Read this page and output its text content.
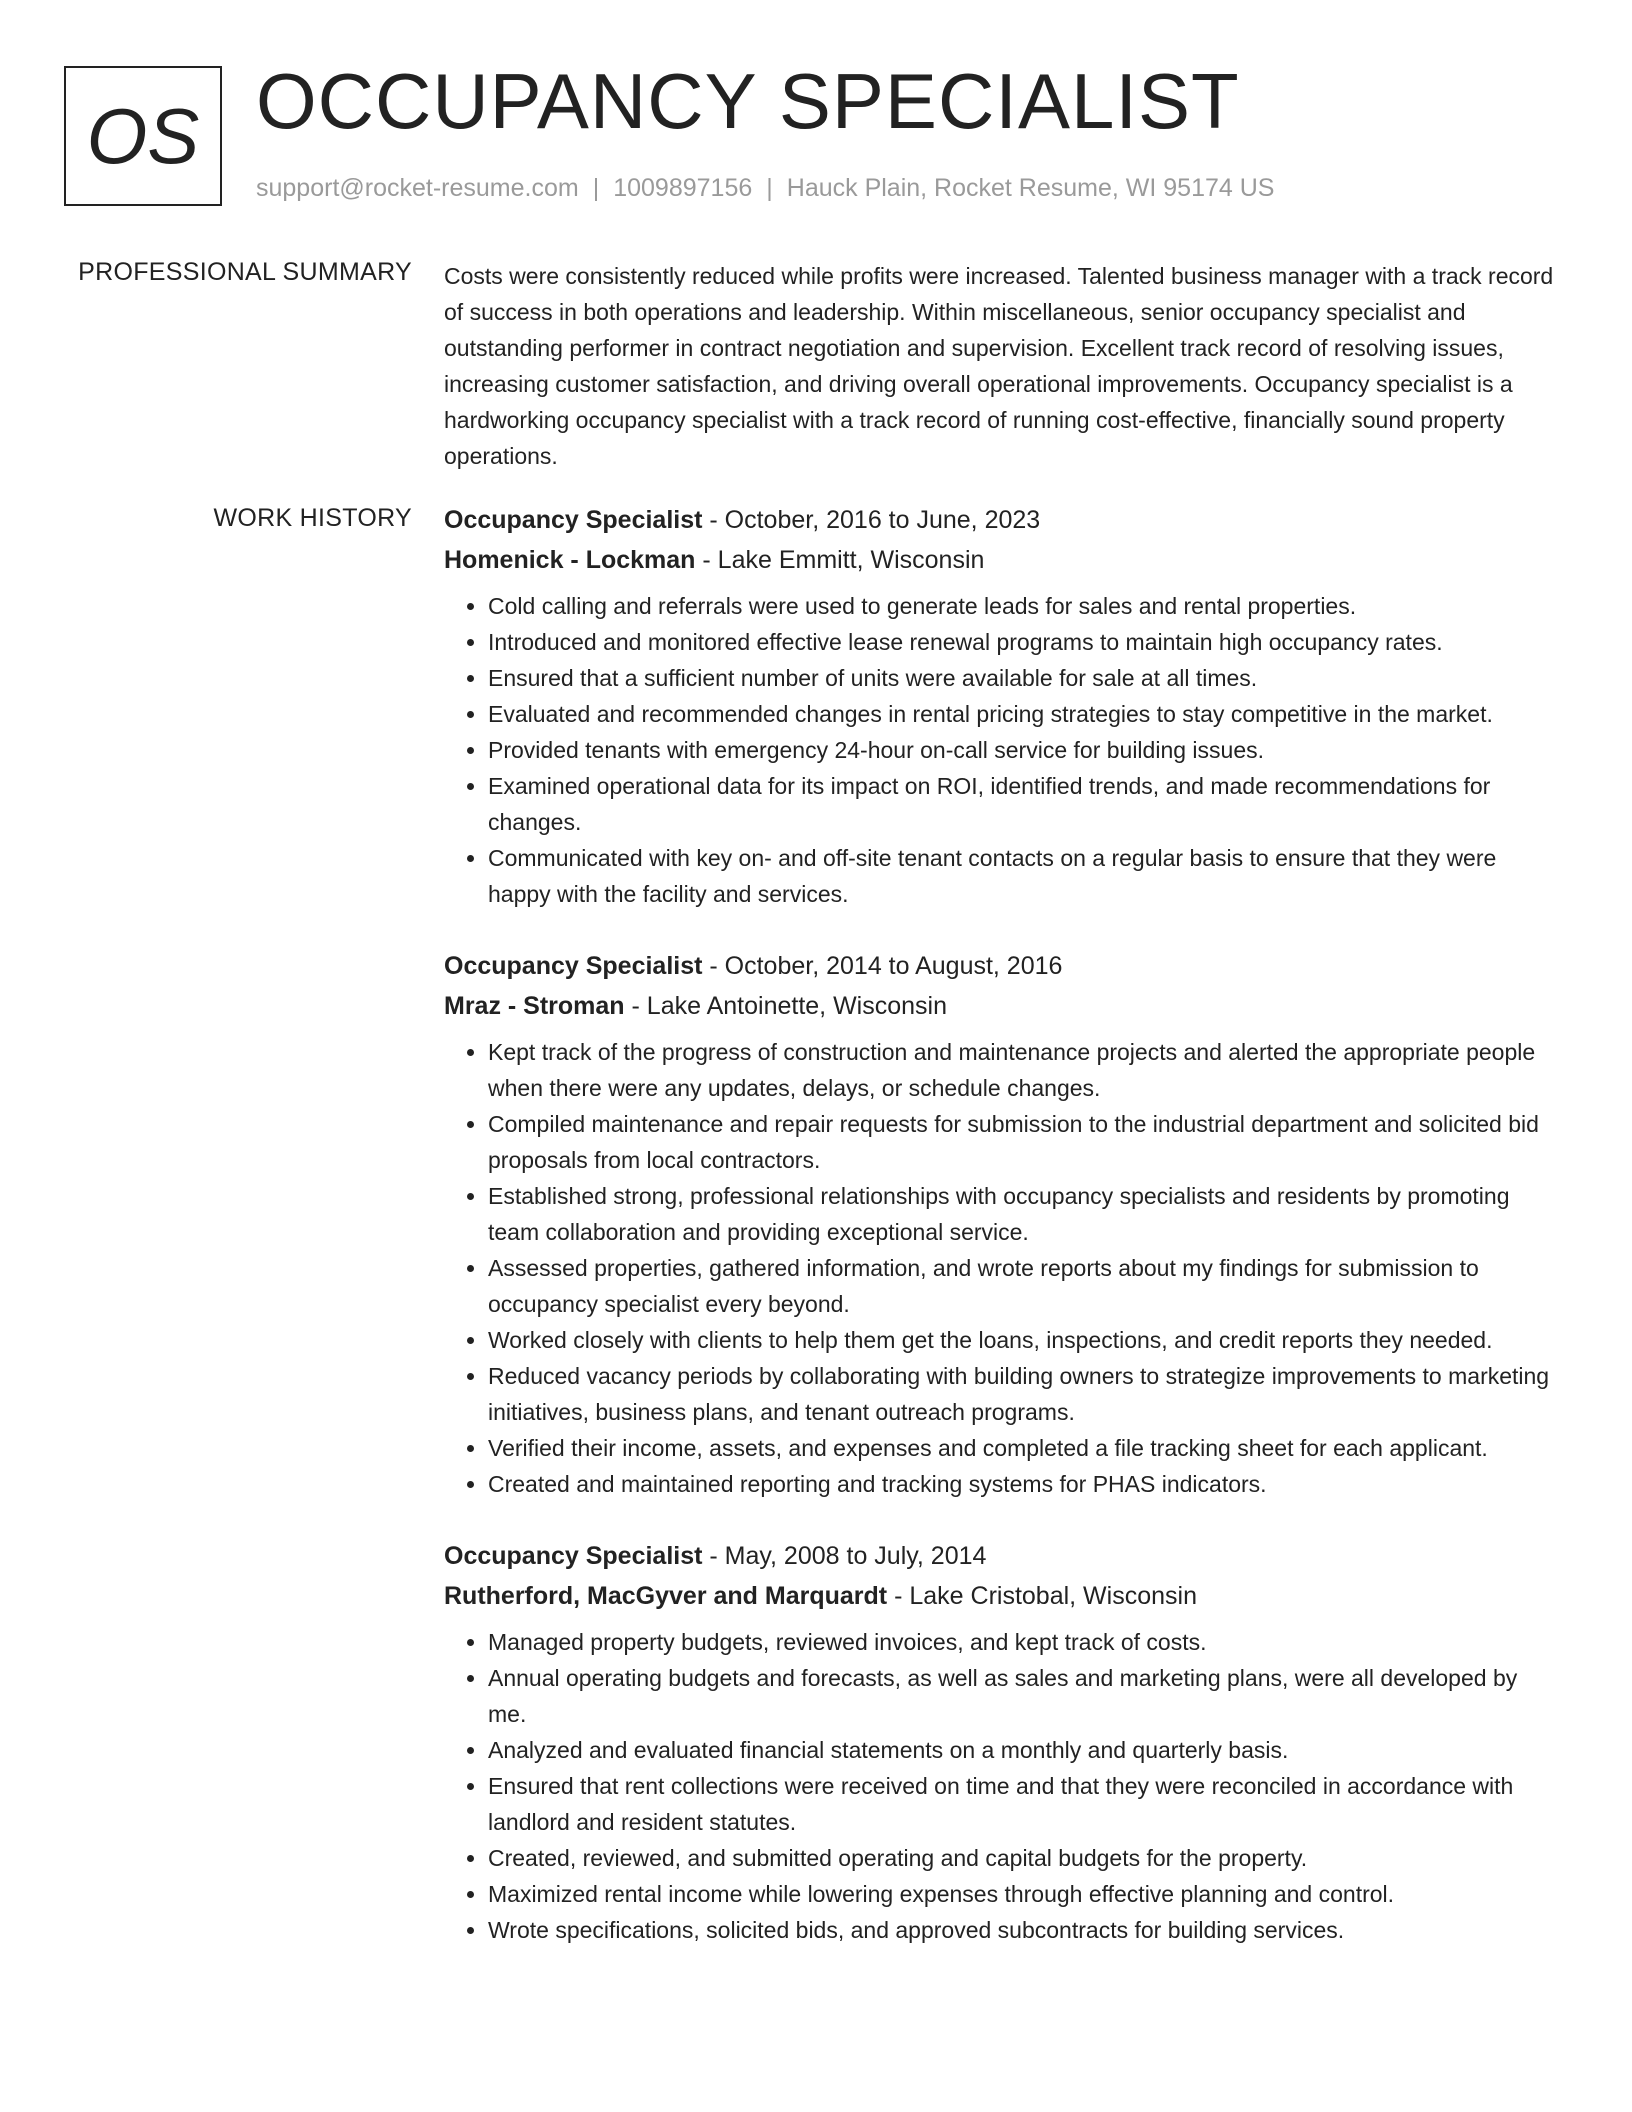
OS OCCUPANCY SPECIALIST
support@rocket-resume.com | 1009897156 | Hauck Plain, Rocket Resume, WI 95174 US
PROFESSIONAL SUMMARY Costs were consistently reduced while profits were increased. Talented business manager with a track record of success in both operations and leadership. Within miscellaneous, senior occupancy specialist and outstanding performer in contract negotiation and supervision. Excellent track record of resolving issues, increasing customer satisfaction, and driving overall operational improvements. Occupancy specialist is a hardworking occupancy specialist with a track record of running cost-effective, financially sound property operations.

WORK HISTORY Occupancy Specialist - October, 2016 to June, 2023
Homenick - Lockman - Lake Emmitt, Wisconsin
• Cold calling and referrals were used to generate leads for sales and rental properties.
• Introduced and monitored effective lease renewal programs to maintain high occupancy rates.
• Ensured that a sufficient number of units were available for sale at all times.
• Evaluated and recommended changes in rental pricing strategies to stay competitive in the market.
• Provided tenants with emergency 24-hour on-call service for building issues.
• Examined operational data for its impact on ROI, identified trends, and made recommendations for changes.
• Communicated with key on- and off-site tenant contacts on a regular basis to ensure that they were happy with the facility and services.
Occupancy Specialist - October, 2014 to August, 2016
Mraz - Stroman - Lake Antoinette, Wisconsin
• Kept track of the progress of construction and maintenance projects and alerted the appropriate people when there were any updates, delays, or schedule changes.
• Compiled maintenance and repair requests for submission to the industrial department and solicited bid proposals from local contractors.
• Established strong, professional relationships with occupancy specialists and residents by promoting team collaboration and providing exceptional service.
• Assessed properties, gathered information, and wrote reports about my findings for submission to occupancy specialist every beyond.
• Worked closely with clients to help them get the loans, inspections, and credit reports they needed.
• Reduced vacancy periods by collaborating with building owners to strategize improvements to marketing initiatives, business plans, and tenant outreach programs.
• Verified their income, assets, and expenses and completed a file tracking sheet for each applicant.
• Created and maintained reporting and tracking systems for PHAS indicators.
Occupancy Specialist - May, 2008 to July, 2014
Rutherford, MacGyver and Marquardt - Lake Cristobal, Wisconsin
• Managed property budgets, reviewed invoices, and kept track of costs.
• Annual operating budgets and forecasts, as well as sales and marketing plans, were all developed by me.
• Analyzed and evaluated financial statements on a monthly and quarterly basis.
• Ensured that rent collections were received on time and that they were reconciled in accordance with landlord and resident statutes.
• Created, reviewed, and submitted operating and capital budgets for the property.
• Maximized rental income while lowering expenses through effective planning and control.
• Wrote specifications, solicited bids, and approved subcontracts for building services.
